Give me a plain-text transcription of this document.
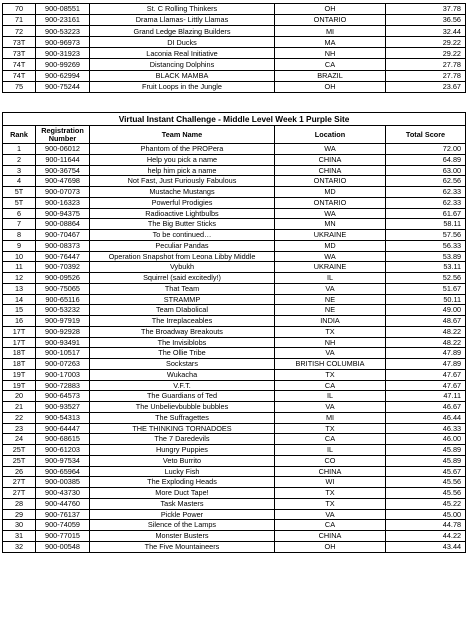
70	900-08551	St. C Rolling Thinkers	OH	37.78
71	900-23161	Drama Llamas- Littly Llamas	ONTARIO	36.56
72	900-53223	Grand Ledge Blazing Builders	MI	32.44
73T	900-96973	DI Ducks	MA	29.22
73T	900-31923	Laconia Real Initiative	NH	29.22
74T	900-99269	Distancing Dolphins	CA	27.78
74T	900-62994	BLACK MAMBA	BRAZIL	27.78
75	900-75244	Fruit Loops in the Jungle	OH	23.67
Virtual Instant Challenge - Middle Level Week 1 Purple Site				
Rank	Registration Number	Team Name	Location	Total Score
1	900-06012	Phantom of the PROPera	WA	72.00
2	900-11644	Help you pick a name	CHINA	64.89
3	900-36754	help him pick a name	CHINA	63.00
4	900-47698	Not Fast, Just Furiously Fabulous	ONTARIO	62.56
5T	900-07073	Mustache Mustangs	MD	62.33
5T	900-16323	Powerful Prodigies	ONTARIO	62.33
6	900-94375	Radioactive Lightbulbs	WA	61.67
7	900-08864	The Big Butter Sticks	MN	58.11
8	900-70467	To be continued…	UKRAINE	57.56
9	900-08373	Peculiar Pandas	MD	56.33
10	900-76447	Operation Snapshot from Leona Libby Middle	WA	53.89
11	900-70392	Vybukh	UKRAINE	53.11
12	900-09526	Squirrel (said excitedly!)	IL	52.56
13	900-75065	That Team	VA	51.67
14	900-65116	STRAMMP	NE	50.11
15	900-53232	Team DIabolical	NE	49.00
16	900-97919	The Irreplaceables	INDIA	48.67
17T	900-92928	The Broadway Breakouts	TX	48.22
17T	900-93491	The Invisiblobs	NH	48.22
18T	900-10517	The Ollie Tribe	VA	47.89
18T	900-07263	Sockstars	BRITISH COLUMBIA	47.89
19T	900-17003	Wukacha	TX	47.67
19T	900-72883	V.F.T.	CA	47.67
20	900-64573	The Guardians of Ted	IL	47.11
21	900-93527	The Unbelievbubble bubbles	VA	46.67
22	900-54313	The Suffragettes	MI	46.44
23	900-64447	THE THINKING TORNADOES	TX	46.33
24	900-68615	The 7 Daredevils	CA	46.00
25T	900-61203	Hungry Puppies	IL	45.89
25T	900-97534	Veto Burrito	CO	45.89
26	900-65964	Lucky Fish	CHINA	45.67
27T	900-00385	The Exploding Heads	WI	45.56
27T	900-43730	More Duct Tape!	TX	45.56
28	900-44760	Task Masters	TX	45.22
29	900-76137	Pickle Power	VA	45.00
30	900-74059	Silence of the Lamps	CA	44.78
31	900-77015	Monster Busters	CHINA	44.22
32	900-00548	The Five Mountaineers	OH	43.44
